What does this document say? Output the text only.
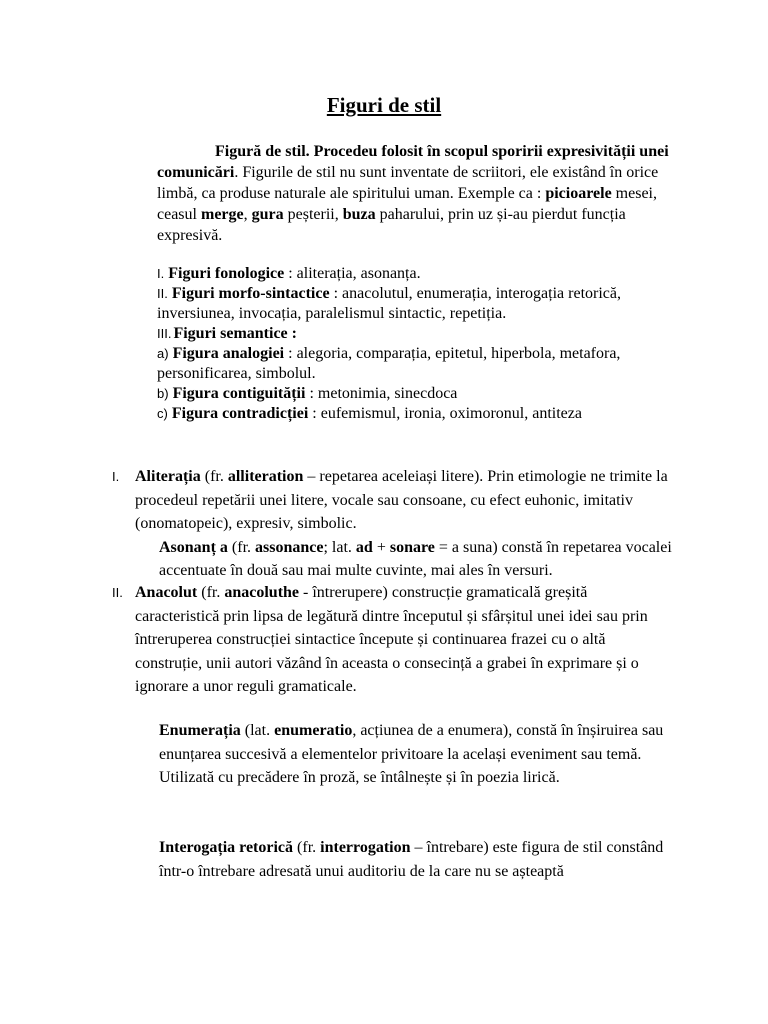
Figuri de stil

Figură de stil. Procedeu folosit în scopul sporirii expresivității unei comunicări. Figurile de stil nu sunt inventate de scriitori, ele existând în orice limbă, ca produse naturale ale spiritului uman. Exemple ca : picioarele mesei, ceasul merge, gura peșterii, buza paharului, prin uz și-au pierdut funcția expresivă.

I. Figuri fonologice : aliterația, asonanța.

II. Figuri morfo-sintactice : anacolutul, enumerația, interogația retorică, inversiunea, invocația, paralelismul sintactic, repetiția.

III. Figuri semantice :

a) Figura analogiei : alegoria, comparația, epitetul, hiperbola, metafora, personificarea, simbolul.

b) Figura contiguității : metonimia, sinecdoca

c) Figura contradicției : eufemismul, ironia, oximoronul, antiteza

I. Aliterația (fr. alliteration – repetarea aceleiași litere). Prin etimologie ne trimite la procedeul repetării unei litere, vocale sau consoane, cu efect euhonic, imitativ (onomatopeic), expresiv, simbolic.

Asonanț a (fr. assonance; lat. ad + sonare = a suna) constă în repetarea vocalei accentuate în două sau mai multe cuvinte, mai ales în versuri.

II. Anacolut (fr. anacoluthe - întrerupere) construcție gramaticală greșită caracteristică prin lipsa de legătură dintre începutul și sfârșitul unei idei sau prin întreruperea construcției sintactice începute și continuarea frazei cu o altă construție, unii autori văzând în aceasta o consecință a grabei în exprimare și o ignorare a unor reguli gramaticale.

Enumerația (lat. enumeratio, acțiunea de a enumera), constă în înșiruirea sau enunțarea succesivă a elementelor privitoare la același eveniment sau temă. Utilizată cu precădere în proză, se întâlnește și în poezia lirică.

Interogația retorică (fr. interrogation – întrebare) este figura de stil constând într-o întrebare adresată unui auditoriu de la care nu se așteaptă
